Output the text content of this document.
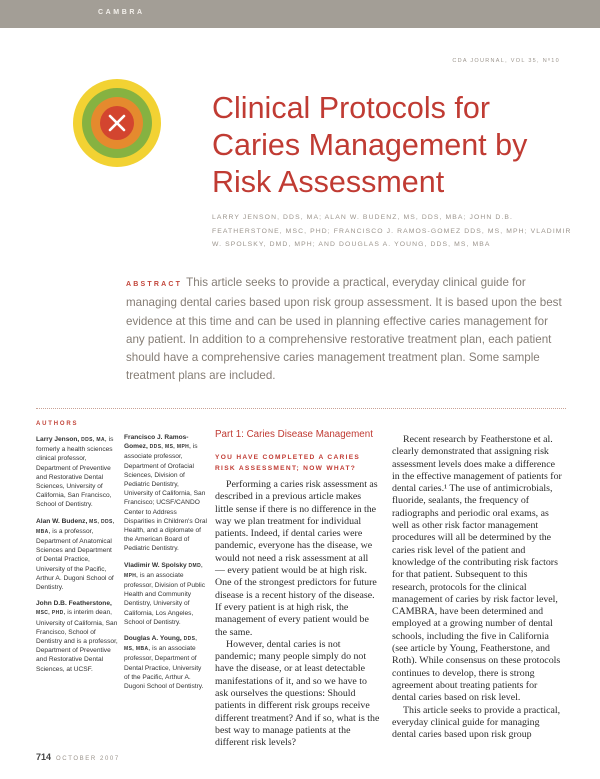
CAMBRA
CDA JOURNAL, VOL 35, Nº10
Clinical Protocols for Caries Management by Risk Assessment
LARRY JENSON, DDS, MA; ALAN W. BUDENZ, MS, DDS, MBA; JOHN D.B. FEATHERSTONE, MSC, PHD; FRANCISCO J. RAMOS-GOMEZ DDS, MS, MPH; VLADIMIR W. SPOLSKY, DMD, MPH; AND DOUGLAS A. YOUNG, DDS, MS, MBA
ABSTRACT This article seeks to provide a practical, everyday clinical guide for managing dental caries based upon risk group assessment. It is based upon the best evidence at this time and can be used in planning effective caries management for any patient. In addition to a comprehensive restorative treatment plan, each patient should have a comprehensive caries management treatment plan. Some sample treatment plans are included.
AUTHORS
Larry Jenson, DDS, MA, is formerly a health sciences clinical professor, Department of Preventive and Restorative Dental Sciences, University of California, San Francisco, School of Dentistry.
Alan W. Budenz, MS, DDS, MBA, is a professor, Department of Anatomical Sciences and Department of Dental Practice, University of the Pacific, Arthur A. Dugoni School of Dentistry.
John D.B. Featherstone, MSC, PHD, is interim dean, University of California, San Francisco, School of Dentistry and is a professor, Department of Preventive and Restorative Dental Sciences, at UCSF.
Francisco J. Ramos-Gomez, DDS, MS, MPH, is associate professor, Department of Orofacial Sciences, Division of Pediatric Dentistry, University of California, San Francisco; UCSF/CANDO Center to Address Disparities in Children's Oral Health, and a diplomate of the American Board of Pediatric Dentistry.
Vladimir W. Spolsky DMD, MPH, is an associate professor, Division of Public Health and Community Dentistry, University of California, Los Angeles, School of Dentistry.
Douglas A. Young, DDS, MS, MBA, is an associate professor, Department of Dental Practice, University of the Pacific, Arthur A. Dugoni School of Dentistry.
Part 1: Caries Disease Management
YOU HAVE COMPLETED A CARIES RISK ASSESSMENT; NOW WHAT?

Performing a caries risk assessment as described in a previous article makes little sense if there is no difference in the way we plan treatment for individual patients. Indeed, if dental caries were pandemic, everyone has the disease, we would not need a risk assessment at all — every patient would be at high risk. One of the strongest predictors for future disease is a recent history of the disease. If every patient is at high risk, the management of every patient would be the same.

However, dental caries is not pandemic; many people simply do not have the disease, or at least detectable manifestations of it, and so we have to ask ourselves the questions: Should patients in different risk groups receive different treatment? And if so, what is the best way to manage patients at the different risk levels?

Recent research by Featherstone et al. clearly demonstrated that assigning risk assessment levels does make a difference in the effective management of patients for dental caries.¹ The use of antimicrobials, fluoride, sealants, the frequency of radiographs and periodic oral exams, as well as other risk factor management procedures will all be determined by the caries risk level of the patient and knowledge of the contributing risk factors for that patient. Subsequent to this research, protocols for the clinical management of caries by risk factor level, CAMBRA, have been determined and employed at a growing number of dental schools, including the five in California (see article by Young, Featherstone, and Roth). While consensus on these protocols continues to develop, there is strong agreement about treating patients for dental caries based on risk level.

This article seeks to provide a practical, everyday clinical guide for managing dental caries based upon risk group

714 OCTOBER 2007
